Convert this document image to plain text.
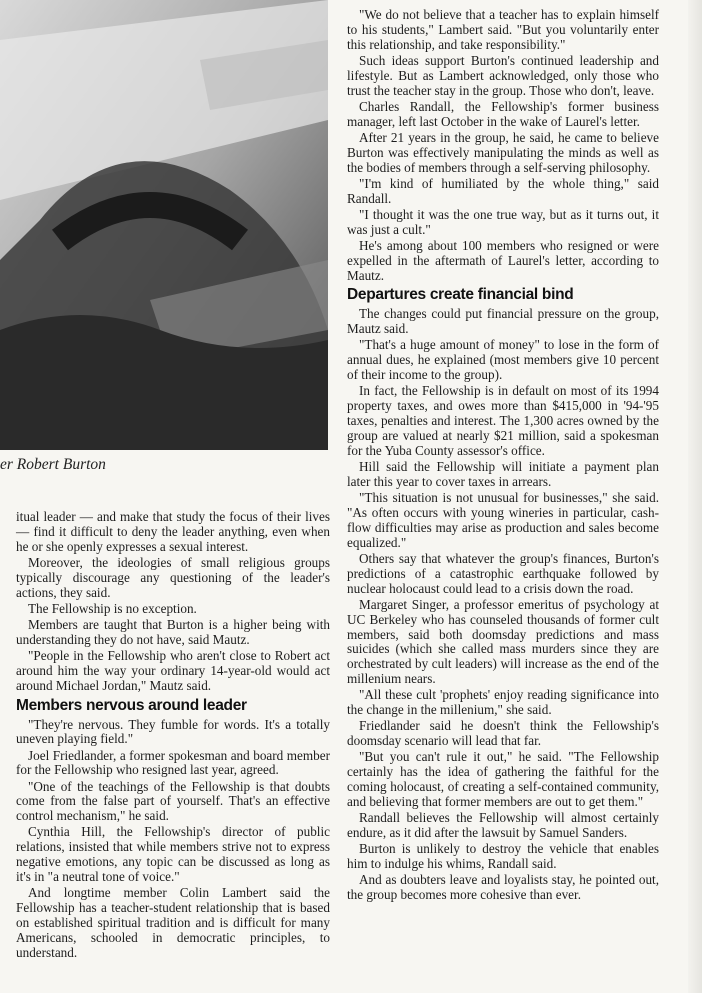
er Robert Burton

itual leader — and make that study the focus of their lives — find it difficult to deny the leader anything, even when he or she openly expresses a sexual interest.

Moreover, the ideologies of small religious groups typically discourage any questioning of the leader's actions, they said.

The Fellowship is no exception.

Members are taught that Burton is a higher being with understanding they do not have, said Mautz.

"People in the Fellowship who aren't close to Robert act around him the way your ordinary 14-year-old would act around Michael Jordan," Mautz said.

Members nervous around leader

"They're nervous. They fumble for words. It's a totally uneven playing field."

Joel Friedlander, a former spokesman and board member for the Fellowship who resigned last year, agreed.

"One of the teachings of the Fellowship is that doubts come from the false part of yourself. That's an effective control mechanism," he said.

Cynthia Hill, the Fellowship's director of public relations, insisted that while members strive not to express negative emotions, any topic can be discussed as long as it's in "a neutral tone of voice."

And longtime member Colin Lambert said the Fellowship has a teacher-student relationship that is based on established spiritual tradition and is difficult for many Americans, schooled in democratic principles, to understand.

"We do not believe that a teacher has to explain himself to his students," Lambert said. "But you voluntarily enter this relationship, and take responsibility."

Such ideas support Burton's continued leadership and lifestyle. But as Lambert acknowledged, only those who trust the teacher stay in the group. Those who don't, leave.

Charles Randall, the Fellowship's former business manager, left last October in the wake of Laurel's letter.

After 21 years in the group, he said, he came to believe Burton was effectively manipulating the minds as well as the bodies of members through a self-serving philosophy.

"I'm kind of humiliated by the whole thing," said Randall.

"I thought it was the one true way, but as it turns out, it was just a cult."

He's among about 100 members who resigned or were expelled in the aftermath of Laurel's letter, according to Mautz.

Departures create financial bind

The changes could put financial pressure on the group, Mautz said.

"That's a huge amount of money" to lose in the form of annual dues, he explained (most members give 10 percent of their income to the group).

In fact, the Fellowship is in default on most of its 1994 property taxes, and owes more than $415,000 in '94-'95 taxes, penalties and interest. The 1,300 acres owned by the group are valued at nearly $21 million, said a spokesman for the Yuba County assessor's office.

Hill said the Fellowship will initiate a payment plan later this year to cover taxes in arrears.

"This situation is not unusual for businesses," she said. "As often occurs with young wineries in particular, cash-flow difficulties may arise as production and sales become equalized."

Others say that whatever the group's finances, Burton's predictions of a catastrophic earthquake followed by nuclear holocaust could lead to a crisis down the road.

Margaret Singer, a professor emeritus of psychology at UC Berkeley who has counseled thousands of former cult members, said both doomsday predictions and mass suicides (which she called mass murders since they are orchestrated by cult leaders) will increase as the end of the millenium nears.

"All these cult 'prophets' enjoy reading significance into the change in the millenium," she said.

Friedlander said he doesn't think the Fellowship's doomsday scenario will lead that far.

"But you can't rule it out," he said. "The Fellowship certainly has the idea of gathering the faithful for the coming holocaust, of creating a self-contained community, and believing that former members are out to get them."

Randall believes the Fellowship will almost certainly endure, as it did after the lawsuit by Samuel Sanders.

Burton is unlikely to destroy the vehicle that enables him to indulge his whims, Randall said.

And as doubters leave and loyalists stay, he pointed out, the group becomes more cohesive than ever.
